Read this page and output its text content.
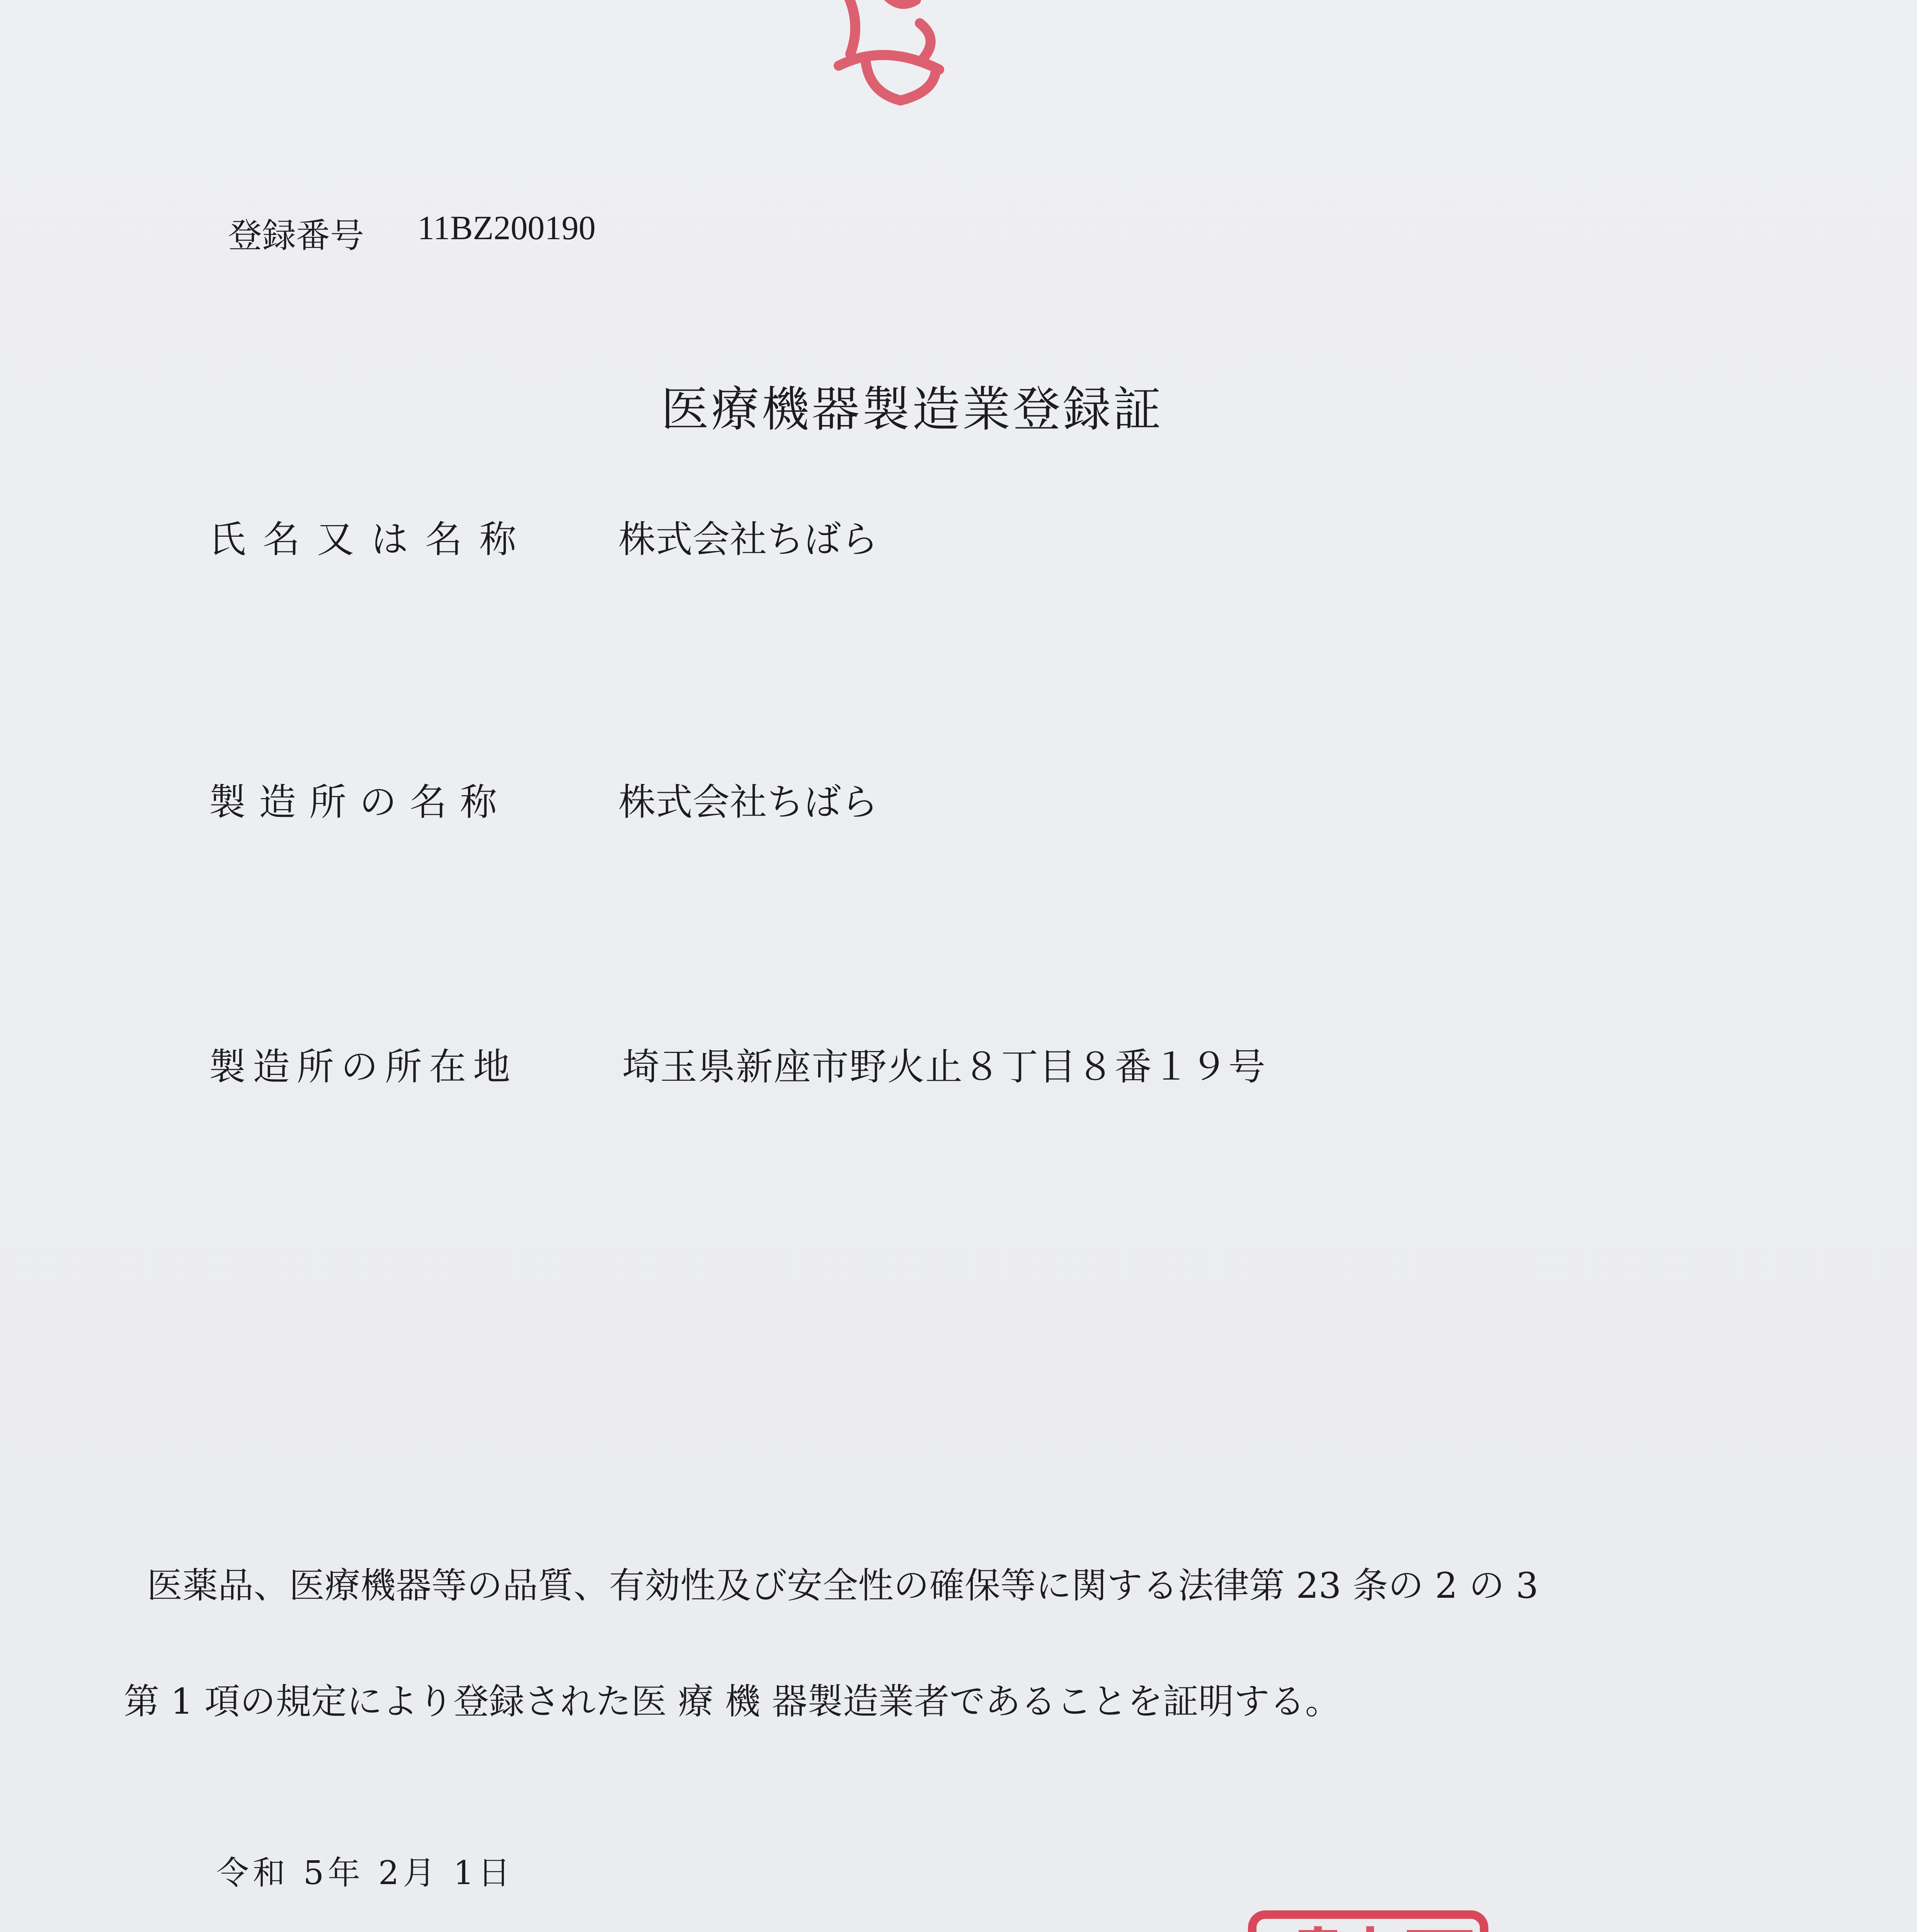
登録番号 11BZ200190
医療機器製造業登録証
氏名又は名称 株式会社ちばら
製造所の名称	株式会社ちばら
製造所の所在地	埼玉県新座市野火止８丁目８番１９号
医薬品、医療機器等の品質、有効性及び安全性の確保等に関する法律第 23 条の 2 の 3
第 1 項の規定により登録された医 療 機 器製造業者であることを証明する。
令和 5年 2月 1日
